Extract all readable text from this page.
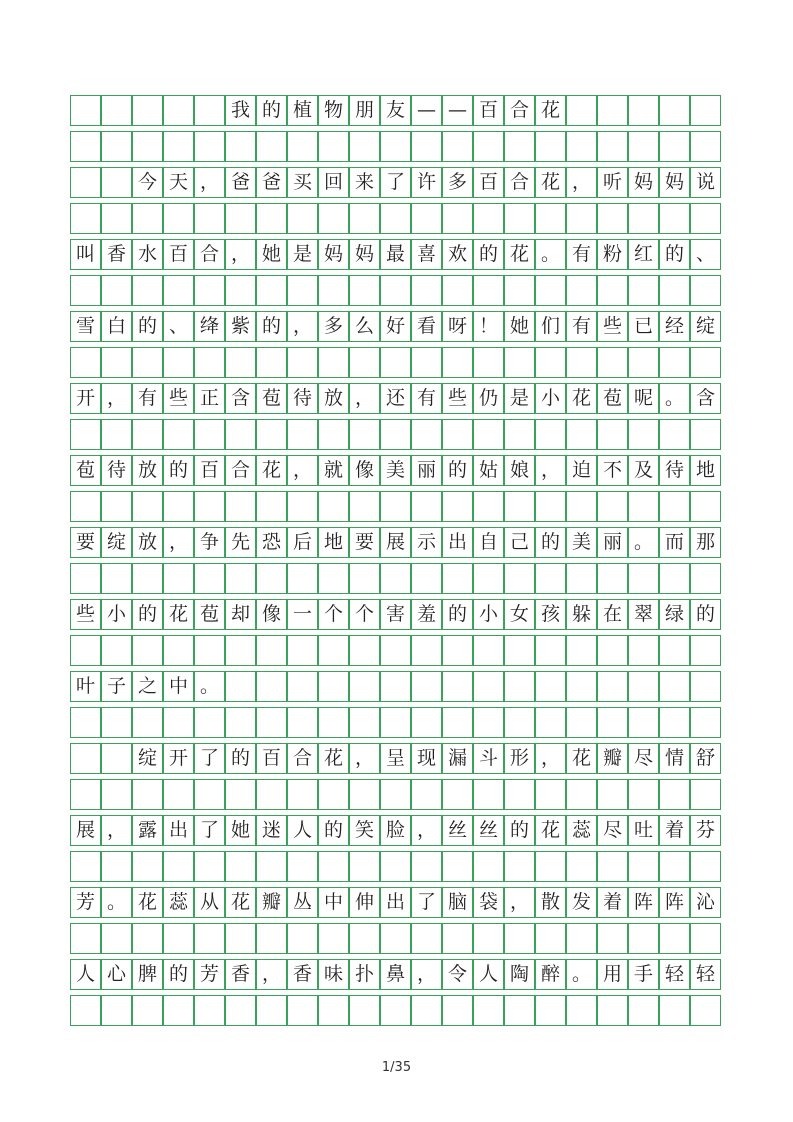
我 的 植 物 朋 友 — — 百 合 花
今 天 ， 爸 爸 买 回 来 了 许 多 百 合 花 ， 听 妈 妈 说
叫 香 水 百 合 ， 她 是 妈 妈 最 喜 欢 的 花 。 有 粉 红 的 、
雪 白 的 、 绛 紫 的 ， 多 么 好 看 呀 ！ 她 们 有 些 已 经 绽
开 ， 有 些 正 含 苞 待 放 ， 还 有 些 仍 是 小 花 苞 呢 。 含
苞 待 放 的 百 合 花 ， 就 像 美 丽 的 姑 娘 ， 迫 不 及 待 地
要 绽 放 ， 争 先 恐 后 地 要 展 示 出 自 己 的 美 丽 。 而 那
些 小 的 花 苞 却 像 一 个 个 害 羞 的 小 女 孩 躲 在 翠 绿 的
叶 子 之 中 。
绽 开 了 的 百 合 花 ， 呈 现 漏 斗 形 ， 花 瓣 尽 情 舒
展 ， 露 出 了 她 迷 人 的 笑 脸 ， 丝 丝 的 花 蕊 尽 吐 着 芬
芳 。 花 蕊 从 花 瓣 丛 中 伸 出 了 脑 袋 ， 散 发 着 阵 阵 沁
人 心 脾 的 芳 香 ， 香 味 扑 鼻 ， 令 人 陶 醉 。 用 手 轻 轻
1/35
